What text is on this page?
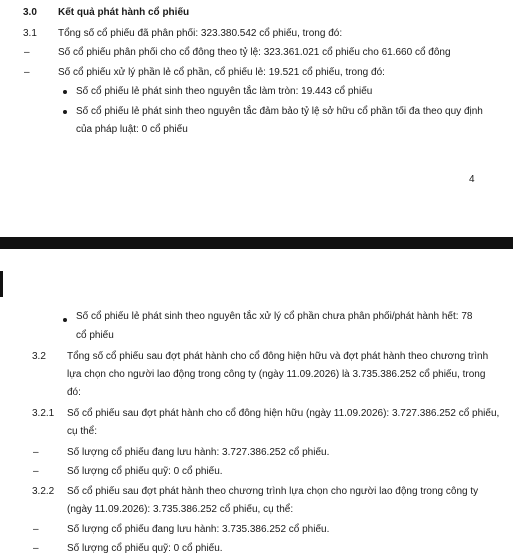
3.0 Kết quả phát hành cổ phiếu
3.1 Tổng số cổ phiếu đã phân phối: 323.380.542 cổ phiếu, trong đó:
–	Số cổ phiếu phân phối cho cổ đông theo tỷ lệ: 323.361.021 cổ phiếu cho 61.660 cổ đông
–	Số cổ phiếu xử lý phần lẻ cổ phần, cổ phiếu lẻ: 19.521 cổ phiếu, trong đó:
Số cổ phiếu lẻ phát sinh theo nguyên tắc làm tròn: 19.443 cổ phiếu
Số cổ phiếu lẻ phát sinh theo nguyên tắc đảm bảo tỷ lệ sở hữu cổ phần tối đa theo quy định
của pháp luật: 0 cổ phiếu
4
Số cổ phiếu lẻ phát sinh theo nguyên tắc xử lý cổ phần chưa phân phối/phát hành hết: 78
cổ phiếu
3.2 Tổng số cổ phiếu sau đợt phát hành cho cổ đông hiện hữu và đợt phát hành theo chương trình
lựa chọn cho người lao động trong công ty (ngày 11.09.2026) là 3.735.386.252 cổ phiếu, trong
đó:
3.2.1 Số cổ phiếu sau đợt phát hành cho cổ đông hiện hữu (ngày 11.09.2026): 3.727.386.252 cổ phiếu,
cụ thể:
–	Số lượng cổ phiếu đang lưu hành: 3.727.386.252 cổ phiếu.
–	Số lượng cổ phiếu quỹ: 0 cổ phiếu.
3.2.2 Số cổ phiếu sau đợt phát hành theo chương trình lựa chọn cho người lao động trong công ty
(ngày 11.09.2026): 3.735.386.252 cổ phiếu, cụ thể:
–	Số lượng cổ phiếu đang lưu hành: 3.735.386.252 cổ phiếu.
–	Số lượng cổ phiếu quỹ: 0 cổ phiếu.
